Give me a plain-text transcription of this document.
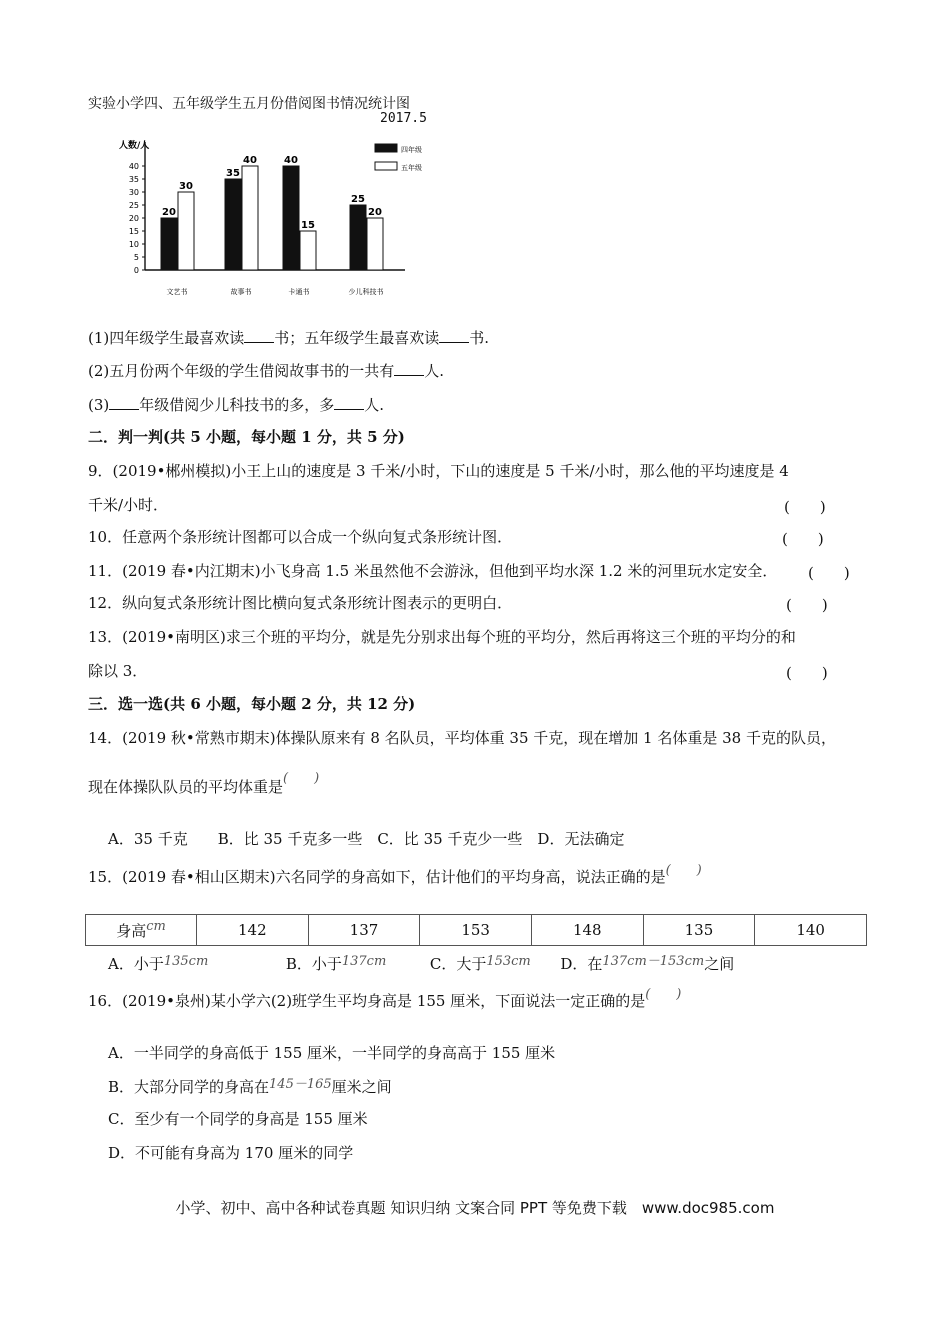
实验小学四、五年级学生五月份借阅图书情况统计图
2017.5
人数/人
0
5
10
15
20
25
30
35
40
20
30
文艺书
35
40
故事书
40
15
卡通书
25
20
少儿科技书
四年级
五年级
(1)四年级学生最喜欢读 书；五年级学生最喜欢读 书.
(2)五月份两个年级的学生借阅故事书的一共有 人.
(3) 年级借阅少儿科技书的多，多 人.
二．判一判(共 5 小题，每小题 1 分，共 5 分)
9．(2019•郴州模拟)小王上山的速度是 3 千米/小时，下山的速度是 5 千米/小时，那么他的平均速度是 4
千米/小时．	(　　)
10．任意两个条形统计图都可以合成一个纵向复式条形统计图．	(　　)
11．(2019 春•内江期末)小飞身高 1.5 米虽然他不会游泳，但他到平均水深 1.2 米的河里玩水定安全． (　　)
12．纵向复式条形统计图比横向复式条形统计图表示的更明白．	(　　)
13．(2019•南明区)求三个班的平均分，就是先分别求出每个班的平均分，然后再将这三个班的平均分的和
除以 3．	(　　)
三．选一选(共 6 小题，每小题 2 分，共 12 分)
14．(2019 秋•常熟市期末)体操队原来有 8 名队员，平均体重 35 千克，现在增加 1 名体重是 38 千克的队员，
现在体操队队员的平均体重是(　　)
A．35 千克　　B．比 35 千克多一些　C．比 35 千克少一些　D．无法确定
15．(2019 春•相山区期末)六名同学的身高如下，估计他们的平均身高，说法正确的是(　　)
身高cm	142	137	153	148	135	140
A．小于135cm	B．小于137cm	C．大于153cm D．在137cm－153cm之间
16．(2019•泉州)某小学六(2)班学生平均身高是 155 厘米，下面说法一定正确的是(　　)
A．一半同学的身高低于 155 厘米，一半同学的身高高于 155 厘米
B．大部分同学的身高在145－165厘米之间
C．至少有一个同学的身高是 155 厘米
D．不可能有身高为 170 厘米的同学
小学、初中、高中各种试卷真题 知识归纳 文案合同 PPT 等免费下载　www.doc985.com
